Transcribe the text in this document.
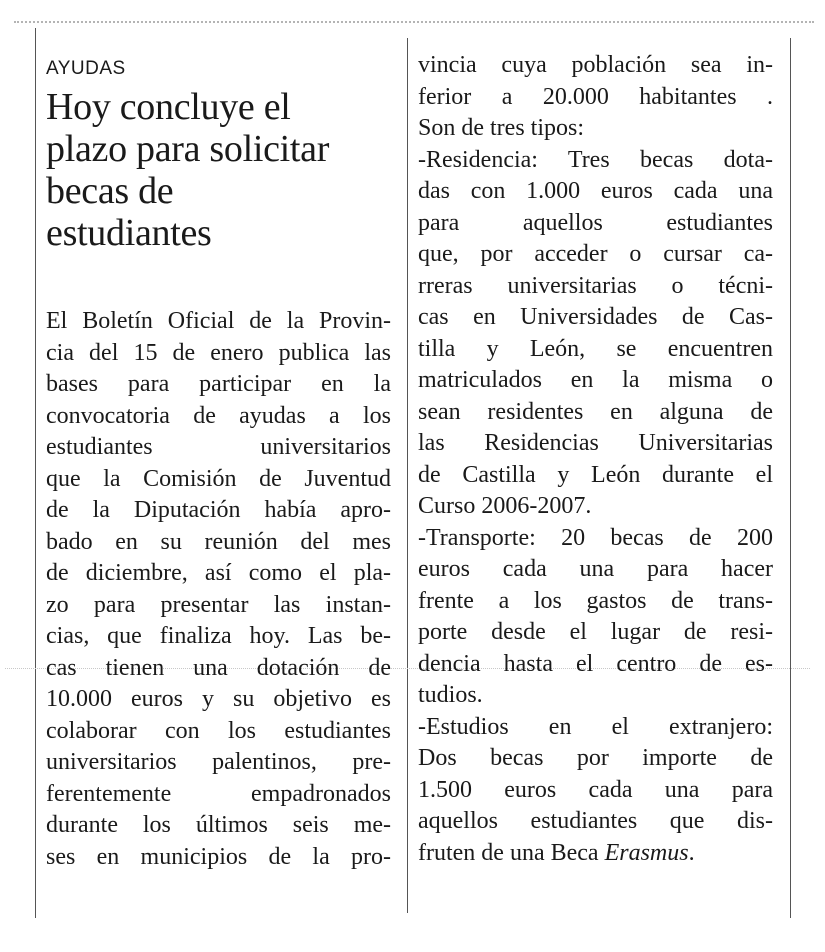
AYUDAS
Hoy concluye el
plazo para solicitar
becas de
estudiantes
El Boletín Oficial de la Provin-
cia del 15 de enero publica las
bases para participar en la
convocatoria de ayudas a los
estudiantes universitarios
que la Comisión de Juventud
de la Diputación había apro-
bado en su reunión del mes
de diciembre, así como el pla-
zo para presentar las instan-
cias, que finaliza hoy. Las be-
cas tienen una dotación de
10.000 euros y su objetivo es
colaborar con los estudiantes
universitarios palentinos, pre-
ferentemente empadronados
durante los últimos seis me-
ses en municipios de la pro-
vincia cuya población sea in-
ferior a 20.000 habitantes .
Son de tres tipos:
-Residencia: Tres becas dota-
das con 1.000 euros cada una
para aquellos estudiantes
que, por acceder o cursar ca-
rreras universitarias o técni-
cas en Universidades de Cas-
tilla y León, se encuentren
matriculados en la misma o
sean residentes en alguna de
las Residencias Universitarias
de Castilla y León durante el
Curso 2006-2007.
-Transporte: 20 becas de 200
euros cada una para hacer
frente a los gastos de trans-
porte desde el lugar de resi-
dencia hasta el centro de es-
tudios.
-Estudios en el extranjero:
Dos becas por importe de
1.500 euros cada una para
aquellos estudiantes que dis-
fruten de una Beca Erasmus.
